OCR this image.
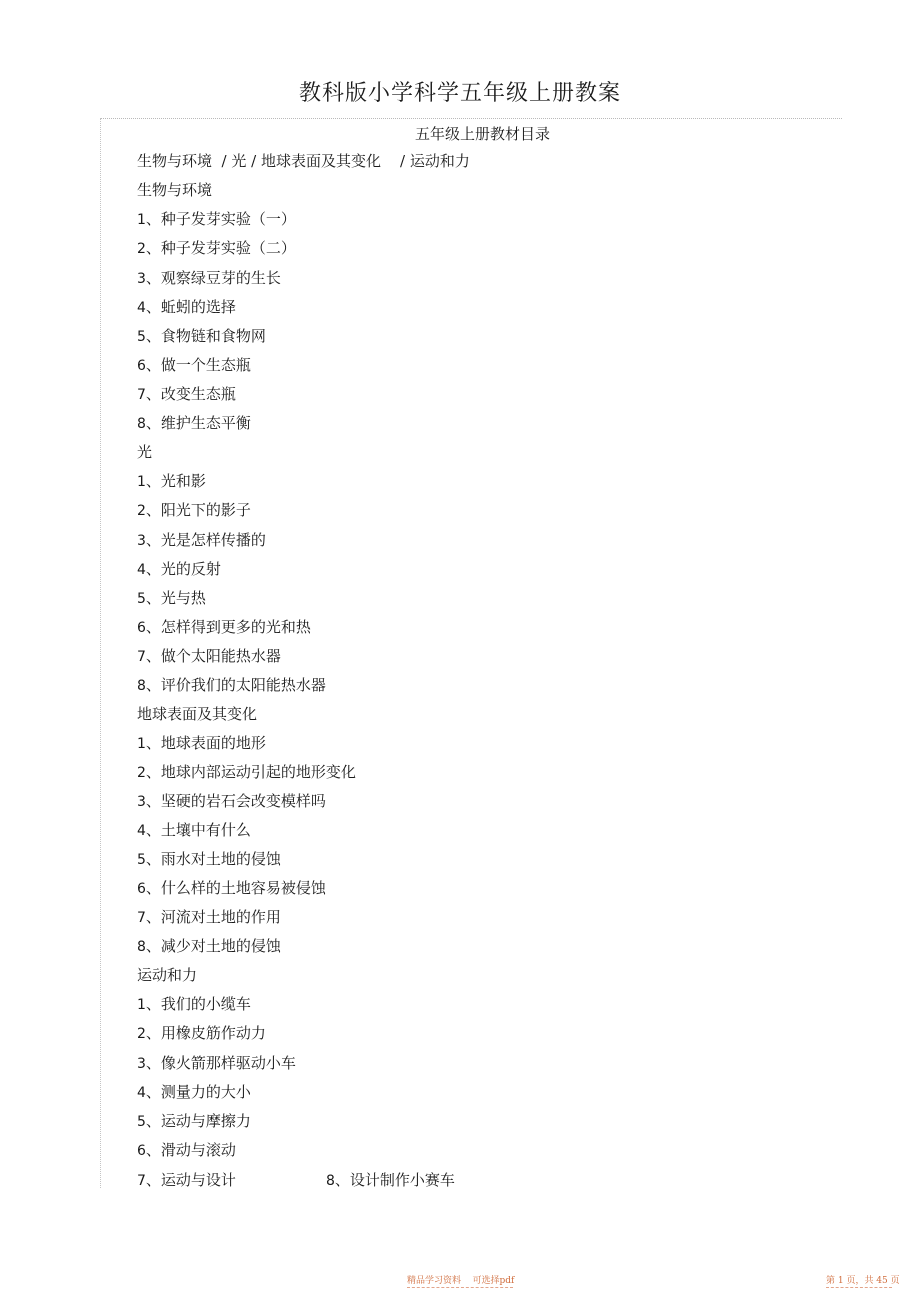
教科版小学科学五年级上册教案
五年级上册教材目录
生物与环境  / 光 / 地球表面及其变化    / 运动和力
生物与环境
1、种子发芽实验（一）
2、种子发芽实验（二）
3、观察绿豆芽的生长
4、蚯蚓的选择
5、食物链和食物网
6、做一个生态瓶
7、改变生态瓶
8、维护生态平衡
光
1、光和影
2、阳光下的影子
3、光是怎样传播的
4、光的反射
5、光与热
6、怎样得到更多的光和热
7、做个太阳能热水器
8、评价我们的太阳能热水器
地球表面及其变化
1、地球表面的地形
2、地球内部运动引起的地形变化
3、坚硬的岩石会改变模样吗
4、土壤中有什么
5、雨水对土地的侵蚀
6、什么样的土地容易被侵蚀
7、河流对土地的作用
8、减少对土地的侵蚀
运动和力
1、我们的小缆车
2、用橡皮筋作动力
3、像火箭那样驱动小车
4、测量力的大小
5、运动与摩擦力
6、滑动与滚动
7、运动与设计	8、设计制作小赛车
精品学习资料    可选择pdf	第 1 页，共 45 页
